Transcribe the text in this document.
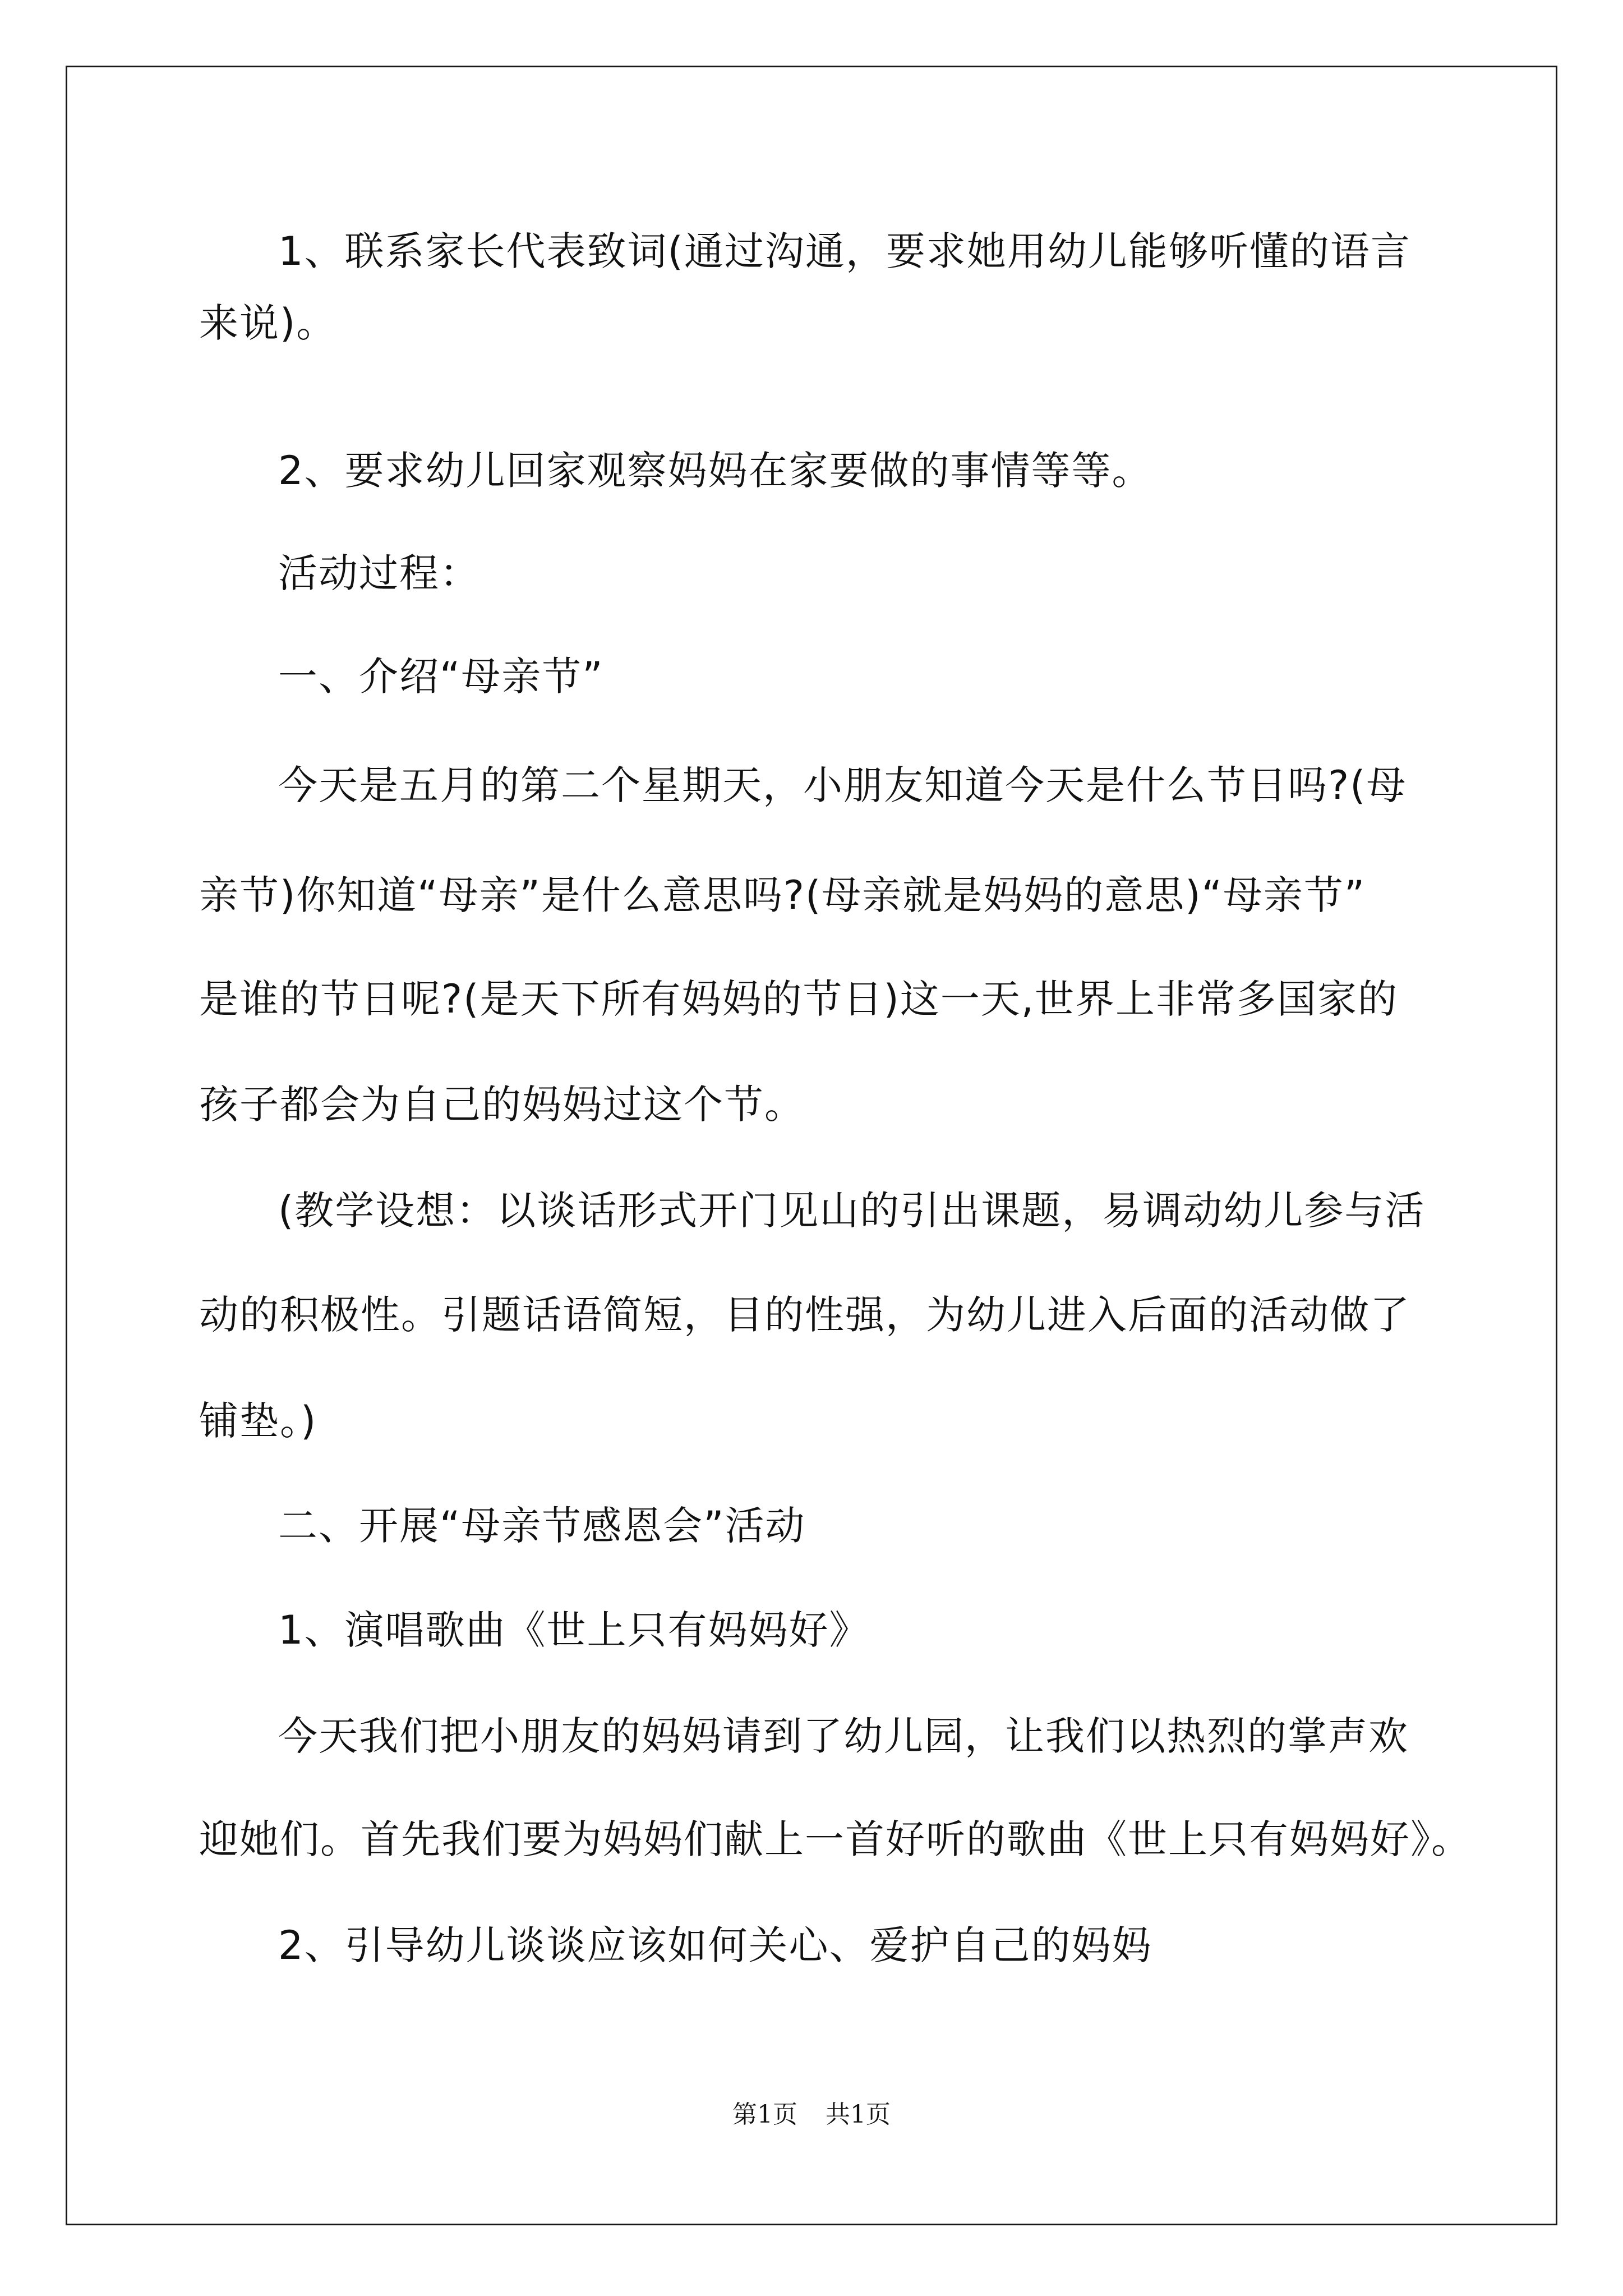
1、联系家长代表致词(通过沟通，要求她用幼儿能够听懂的语言
来说)。
2、要求幼儿回家观察妈妈在家要做的事情等等。
活动过程：
一、介绍“母亲节”
今天是五月的第二个星期天，小朋友知道今天是什么节日吗?(母
亲节)你知道“母亲”是什么意思吗?(母亲就是妈妈的意思)“母亲节”
是谁的节日呢?(是天下所有妈妈的节日)这一天,世界上非常多国家的
孩子都会为自己的妈妈过这个节。
(教学设想：以谈话形式开门见山的引出课题，易调动幼儿参与活
动的积极性。引题话语简短，目的性强，为幼儿进入后面的活动做了
铺垫。)
二、开展“母亲节感恩会”活动
1、演唱歌曲《世上只有妈妈好》
今天我们把小朋友的妈妈请到了幼儿园，让我们以热烈的掌声欢
迎她们。首先我们要为妈妈们献上一首好听的歌曲《世上只有妈妈好》。
2、引导幼儿谈谈应该如何关心、爱护自己的妈妈
第1页 共1页
